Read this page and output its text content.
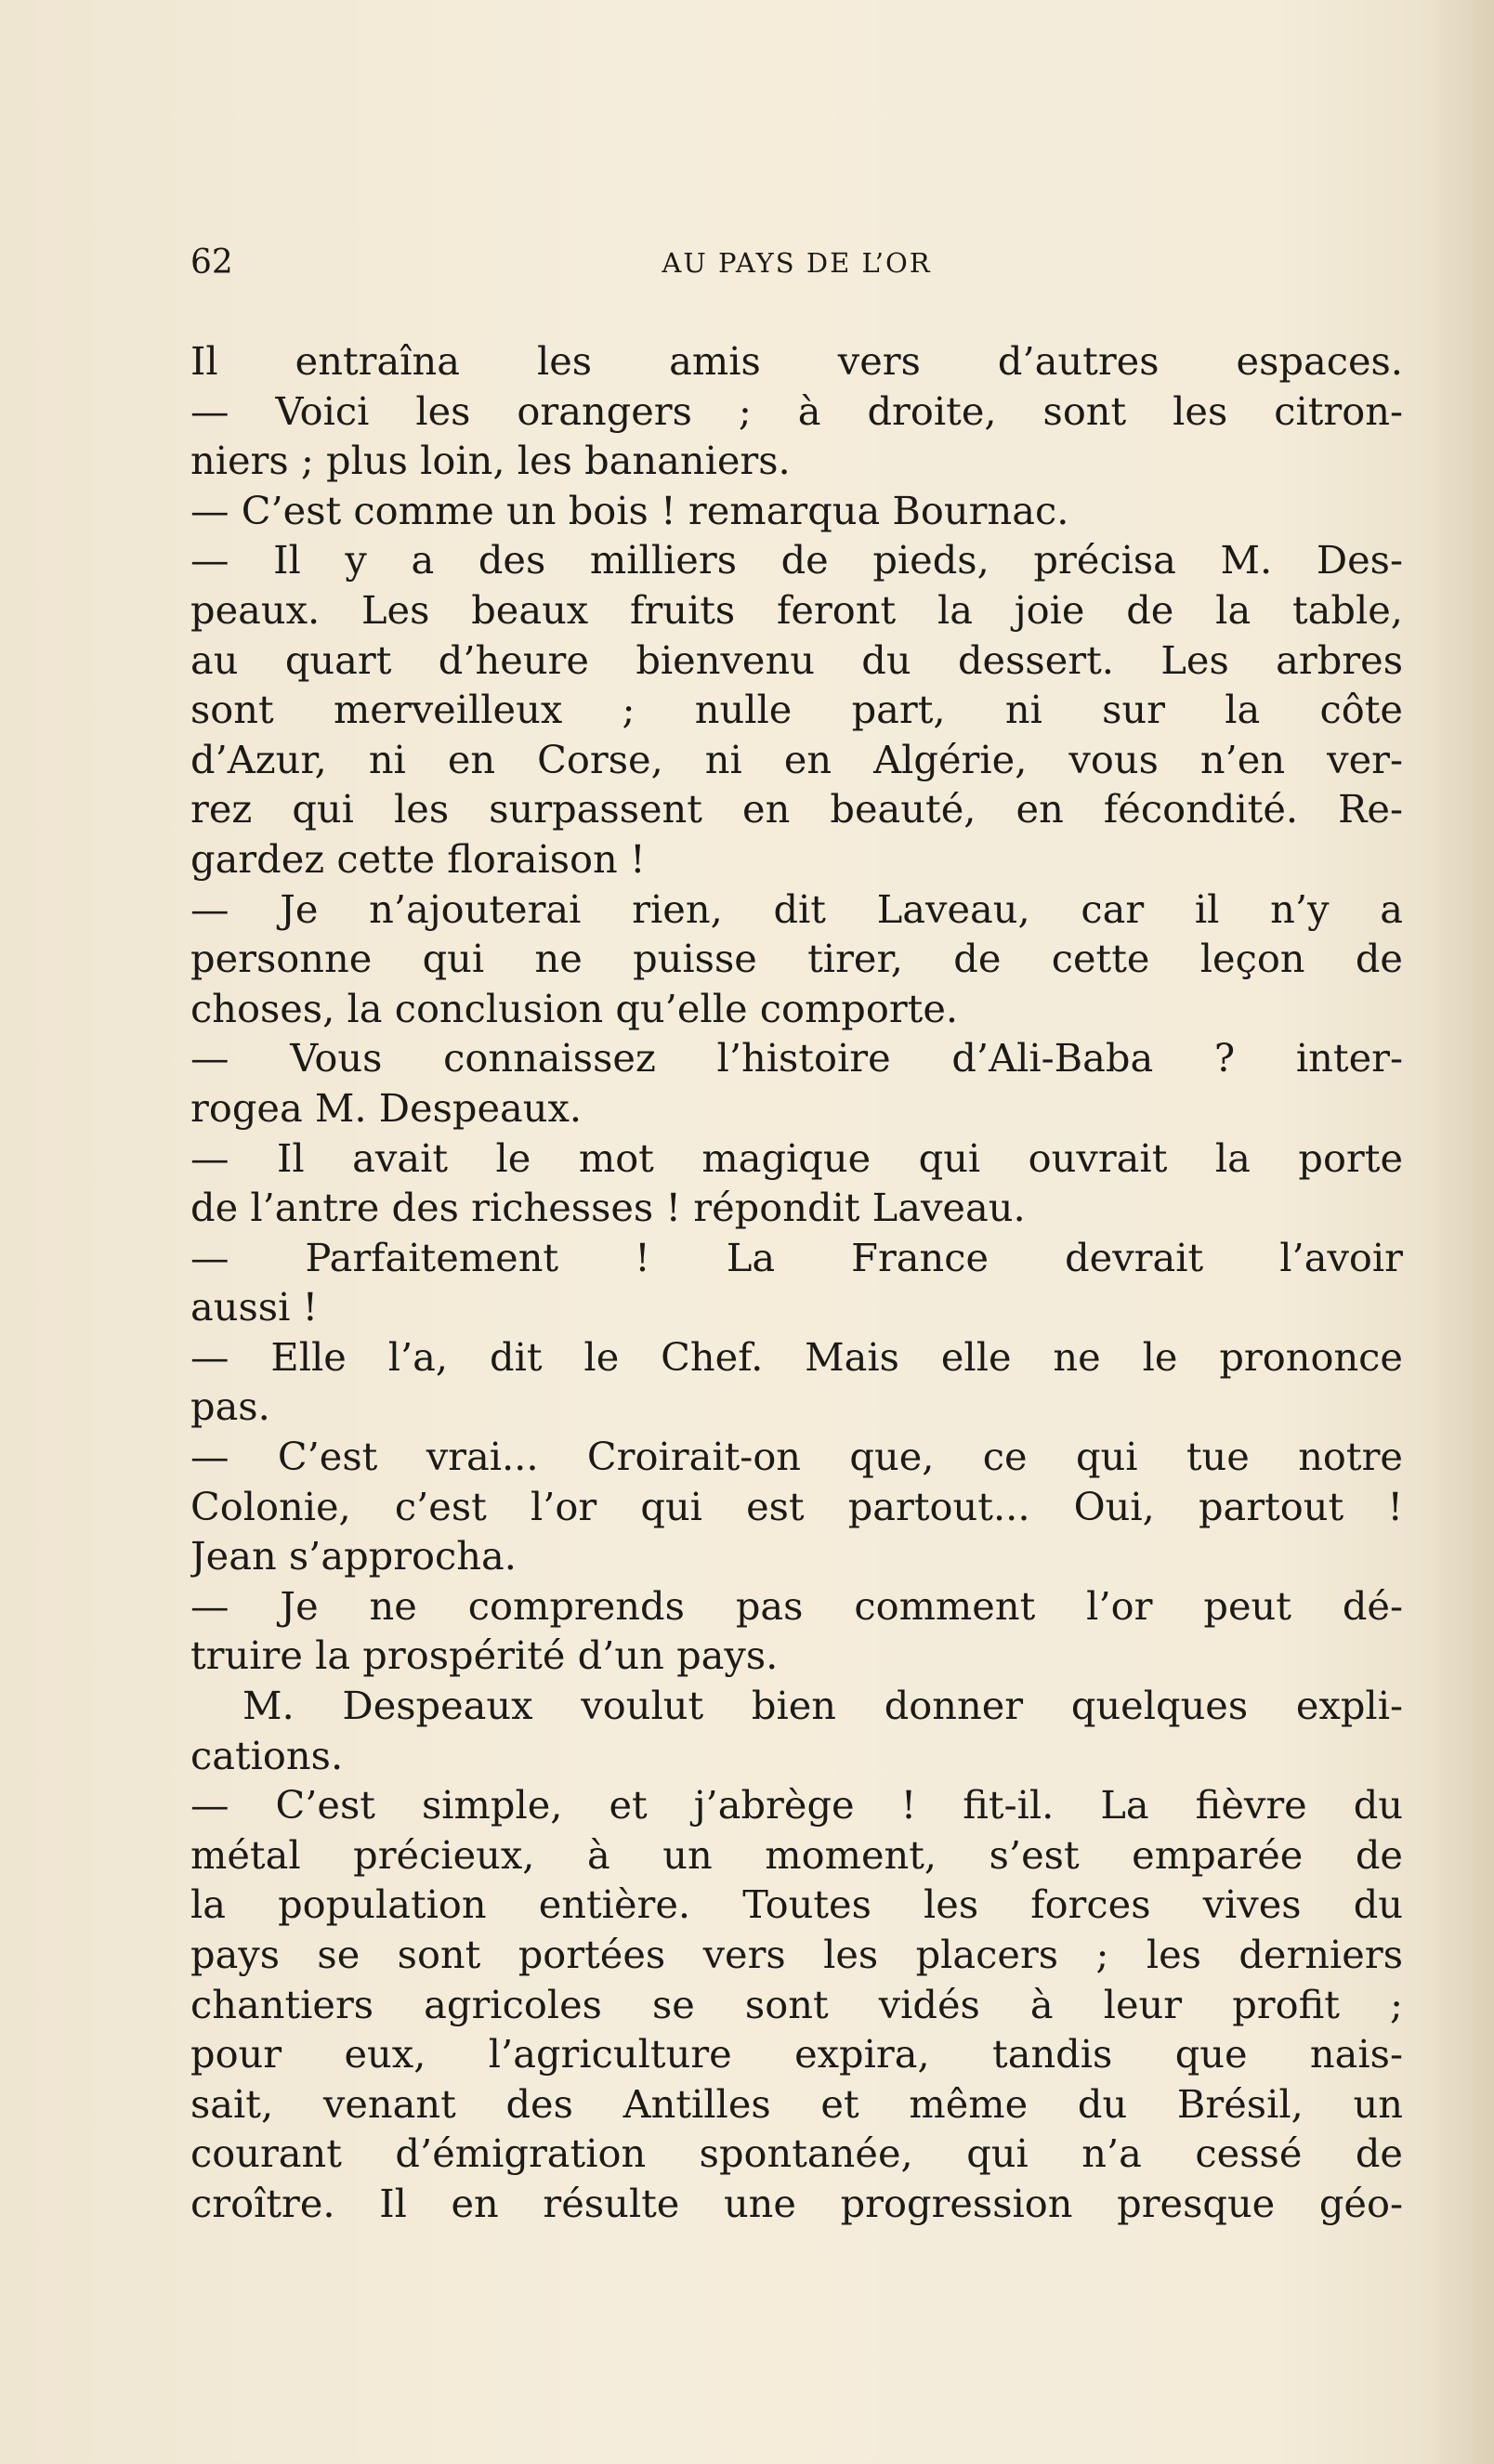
62	AU PAYS DE L’OR
Il entraîna les amis vers d’autres espaces.
— Voici les orangers ; à droite, sont les citron-
niers ; plus loin, les bananiers.
— C’est comme un bois ! remarqua Bournac.
— Il y a des milliers de pieds, précisa M. Des-
peaux. Les beaux fruits feront la joie de la table,
au quart d’heure bienvenu du dessert. Les arbres
sont merveilleux ; nulle part, ni sur la côte
d’Azur, ni en Corse, ni en Algérie, vous n’en ver-
rez qui les surpassent en beauté, en fécondité. Re-
gardez cette floraison !
— Je n’ajouterai rien, dit Laveau, car il n’y a
personne qui ne puisse tirer, de cette leçon de
choses, la conclusion qu’elle comporte.
— Vous connaissez l’histoire d’Ali-Baba ? inter-
rogea M. Despeaux.
— Il avait le mot magique qui ouvrait la porte
de l’antre des richesses ! répondit Laveau.
— Parfaitement ! La France devrait l’avoir
aussi !
— Elle l’a, dit le Chef. Mais elle ne le prononce
pas.
— C’est vrai... Croirait-on que, ce qui tue notre
Colonie, c’est l’or qui est partout... Oui, partout !
Jean s’approcha.
— Je ne comprends pas comment l’or peut dé-
truire la prospérité d’un pays.
M. Despeaux voulut bien donner quelques expli-
cations.
— C’est simple, et j’abrège ! fit-il. La fièvre du
métal précieux, à un moment, s’est emparée de
la population entière. Toutes les forces vives du
pays se sont portées vers les placers ; les derniers
chantiers agricoles se sont vidés à leur profit ;
pour eux, l’agriculture expira, tandis que nais-
sait, venant des Antilles et même du Brésil, un
courant d’émigration spontanée, qui n’a cessé de
croître. Il en résulte une progression presque géo-
